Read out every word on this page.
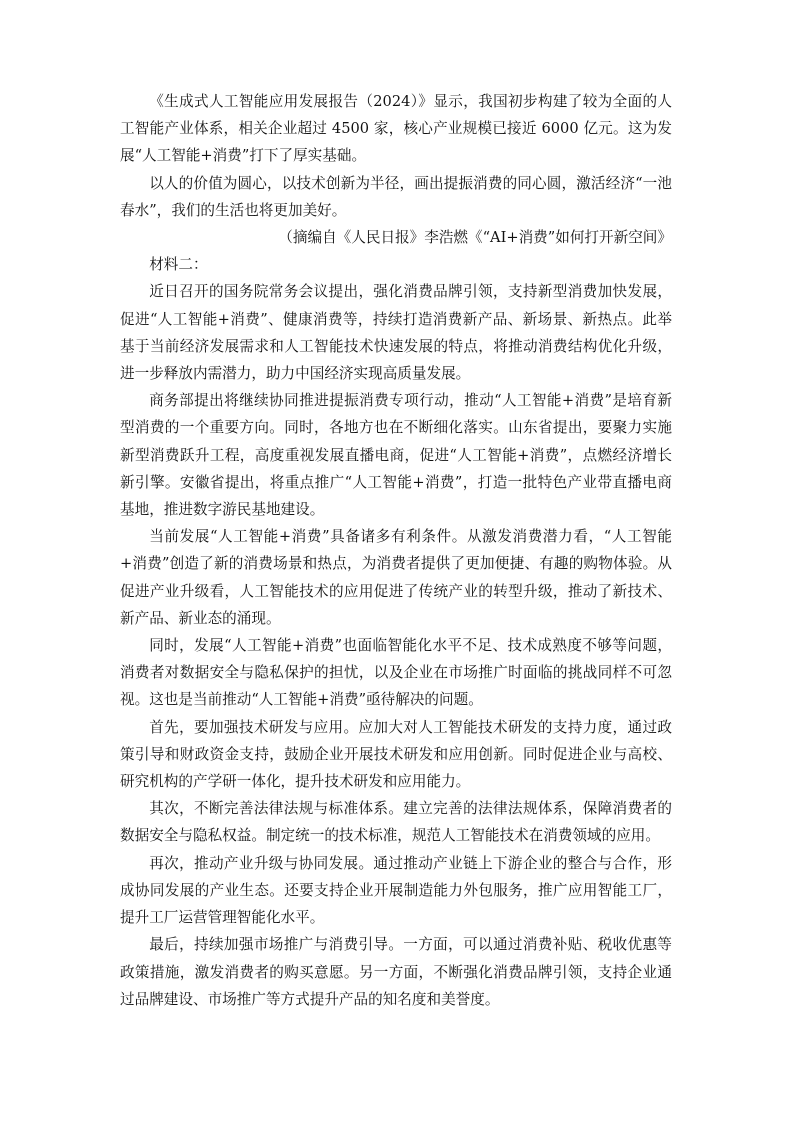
《生成式人工智能应用发展报告（2024）》显示，我国初步构建了较为全面的人工智能产业体系，相关企业超过 4500 家，核心产业规模已接近 6000 亿元。这为发展“人工智能+消费”打下了厚实基础。

以人的价值为圆心，以技术创新为半径，画出提振消费的同心圆，激活经济“一池春水”，我们的生活也将更加美好。

（摘编自《人民日报》李浩燃《“AI+消费”如何打开新空间》

材料二：

近日召开的国务院常务会议提出，强化消费品牌引领，支持新型消费加快发展，促进“人工智能+消费”、健康消费等，持续打造消费新产品、新场景、新热点。此举基于当前经济发展需求和人工智能技术快速发展的特点，将推动消费结构优化升级，进一步释放内需潜力，助力中国经济实现高质量发展。

商务部提出将继续协同推进提振消费专项行动，推动“人工智能+消费”是培育新型消费的一个重要方向。同时，各地方也在不断细化落实。山东省提出，要聚力实施新型消费跃升工程，高度重视发展直播电商，促进“人工智能+消费”，点燃经济增长新引擎。安徽省提出，将重点推广“人工智能+消费”，打造一批特色产业带直播电商基地，推进数字游民基地建设。

当前发展“人工智能+消费”具备诸多有利条件。从激发消费潜力看，“人工智能+消费”创造了新的消费场景和热点，为消费者提供了更加便捷、有趣的购物体验。从促进产业升级看，人工智能技术的应用促进了传统产业的转型升级，推动了新技术、新产品、新业态的涌现。

同时，发展“人工智能+消费”也面临智能化水平不足、技术成熟度不够等问题，消费者对数据安全与隐私保护的担忧，以及企业在市场推广时面临的挑战同样不可忽视。这也是当前推动“人工智能+消费”亟待解决的问题。

首先，要加强技术研发与应用。应加大对人工智能技术研发的支持力度，通过政策引导和财政资金支持，鼓励企业开展技术研发和应用创新。同时促进企业与高校、研究机构的产学研一体化，提升技术研发和应用能力。

其次，不断完善法律法规与标准体系。建立完善的法律法规体系，保障消费者的数据安全与隐私权益。制定统一的技术标准，规范人工智能技术在消费领域的应用。

再次，推动产业升级与协同发展。通过推动产业链上下游企业的整合与合作，形成协同发展的产业生态。还要支持企业开展制造能力外包服务，推广应用智能工厂，提升工厂运营管理智能化水平。

最后，持续加强市场推广与消费引导。一方面，可以通过消费补贴、税收优惠等政策措施，激发消费者的购买意愿。另一方面，不断强化消费品牌引领，支持企业通过品牌建设、市场推广等方式提升产品的知名度和美誉度。
